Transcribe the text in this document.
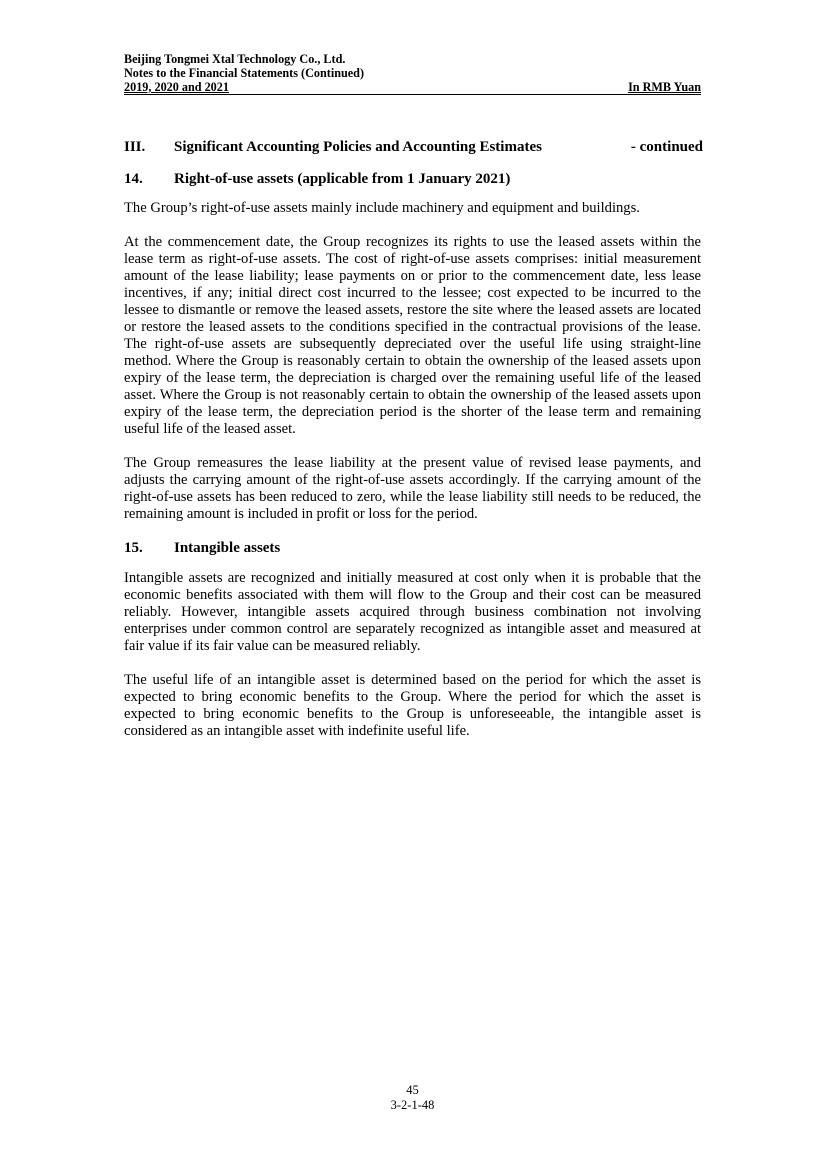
Beijing Tongmei Xtal Technology Co., Ltd.
Notes to the Financial Statements (Continued)
2019, 2020 and 2021	In RMB Yuan
III.	Significant Accounting Policies and Accounting Estimates	- continued
14.	Right-of-use assets (applicable from 1 January 2021)

The Group’s right-of-use assets mainly include machinery and equipment and buildings.

At the commencement date, the Group recognizes its rights to use the leased assets within the lease term as right-of-use assets. The cost of right-of-use assets comprises: initial measurement amount of the lease liability; lease payments on or prior to the commencement date, less lease incentives, if any; initial direct cost incurred to the lessee; cost expected to be incurred to the lessee to dismantle or remove the leased assets, restore the site where the leased assets are located or restore the leased assets to the conditions specified in the contractual provisions of the lease. The right-of-use assets are subsequently depreciated over the useful life using straight-line method. Where the Group is reasonably certain to obtain the ownership of the leased assets upon expiry of the lease term, the depreciation is charged over the remaining useful life of the leased asset. Where the Group is not reasonably certain to obtain the ownership of the leased assets upon expiry of the lease term, the depreciation period is the shorter of the lease term and remaining useful life of the leased asset.

The Group remeasures the lease liability at the present value of revised lease payments, and adjusts the carrying amount of the right-of-use assets accordingly. If the carrying amount of the right-of-use assets has been reduced to zero, while the lease liability still needs to be reduced, the remaining amount is included in profit or loss for the period.

15.	Intangible assets

Intangible assets are recognized and initially measured at cost only when it is probable that the economic benefits associated with them will flow to the Group and their cost can be measured reliably. However, intangible assets acquired through business combination not involving enterprises under common control are separately recognized as intangible asset and measured at fair value if its fair value can be measured reliably.

The useful life of an intangible asset is determined based on the period for which the asset is expected to bring economic benefits to the Group. Where the period for which the asset is expected to bring economic benefits to the Group is unforeseeable, the intangible asset is considered as an intangible asset with indefinite useful life.

45
3-2-1-48
